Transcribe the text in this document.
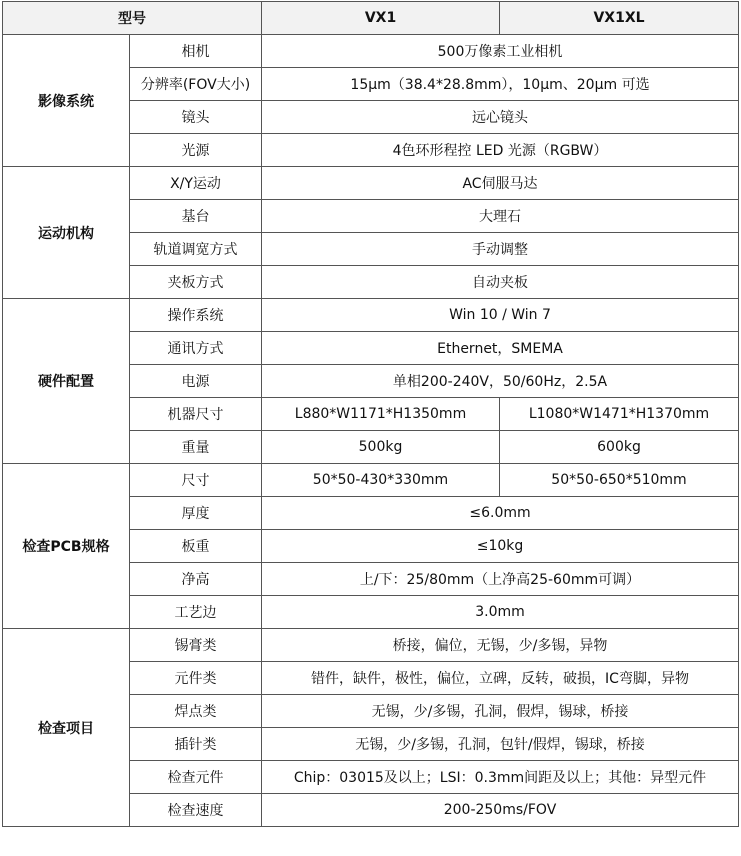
型号		VX1	VX1XL
影像系统	相机	500万像素工业相机	
	分辨率(FOV大小)	15μm（38.4*28.8mm），10μm、20μm 可选	
	镜头	远心镜头	
	光源	4色环形程控 LED 光源（RGBW）	
运动机构	X/Y运动	AC伺服马达	
	基台	大理石	
	轨道调宽方式	手动调整	
	夹板方式	自动夹板	
硬件配置	操作系统	Win 10 / Win 7	
	通讯方式	Ethernet，SMEMA	
	电源	单相200-240V，50/60Hz，2.5A	
	机器尺寸	L880*W1171*H1350mm	L1080*W1471*H1370mm
	重量	500kg	600kg
检查PCB规格	尺寸	50*50-430*330mm	50*50-650*510mm
	厚度	≤6.0mm	
	板重	≤10kg	
	净高	上/下：25/80mm（上净高25-60mm可调）	
	工艺边	3.0mm	
检查项目	锡膏类	桥接，偏位，无锡，少/多锡，异物	
	元件类	错件，缺件，极性，偏位，立碑，反转，破损，IC弯脚，异物	
	焊点类	无锡，少/多锡，孔洞，假焊，锡球，桥接	
	插针类	无锡，少/多锡，孔洞，包针/假焊，锡球，桥接	
	检查元件	Chip：03015及以上；LSI：0.3mm间距及以上；其他：异型元件	
	检查速度	200-250ms/FOV	
